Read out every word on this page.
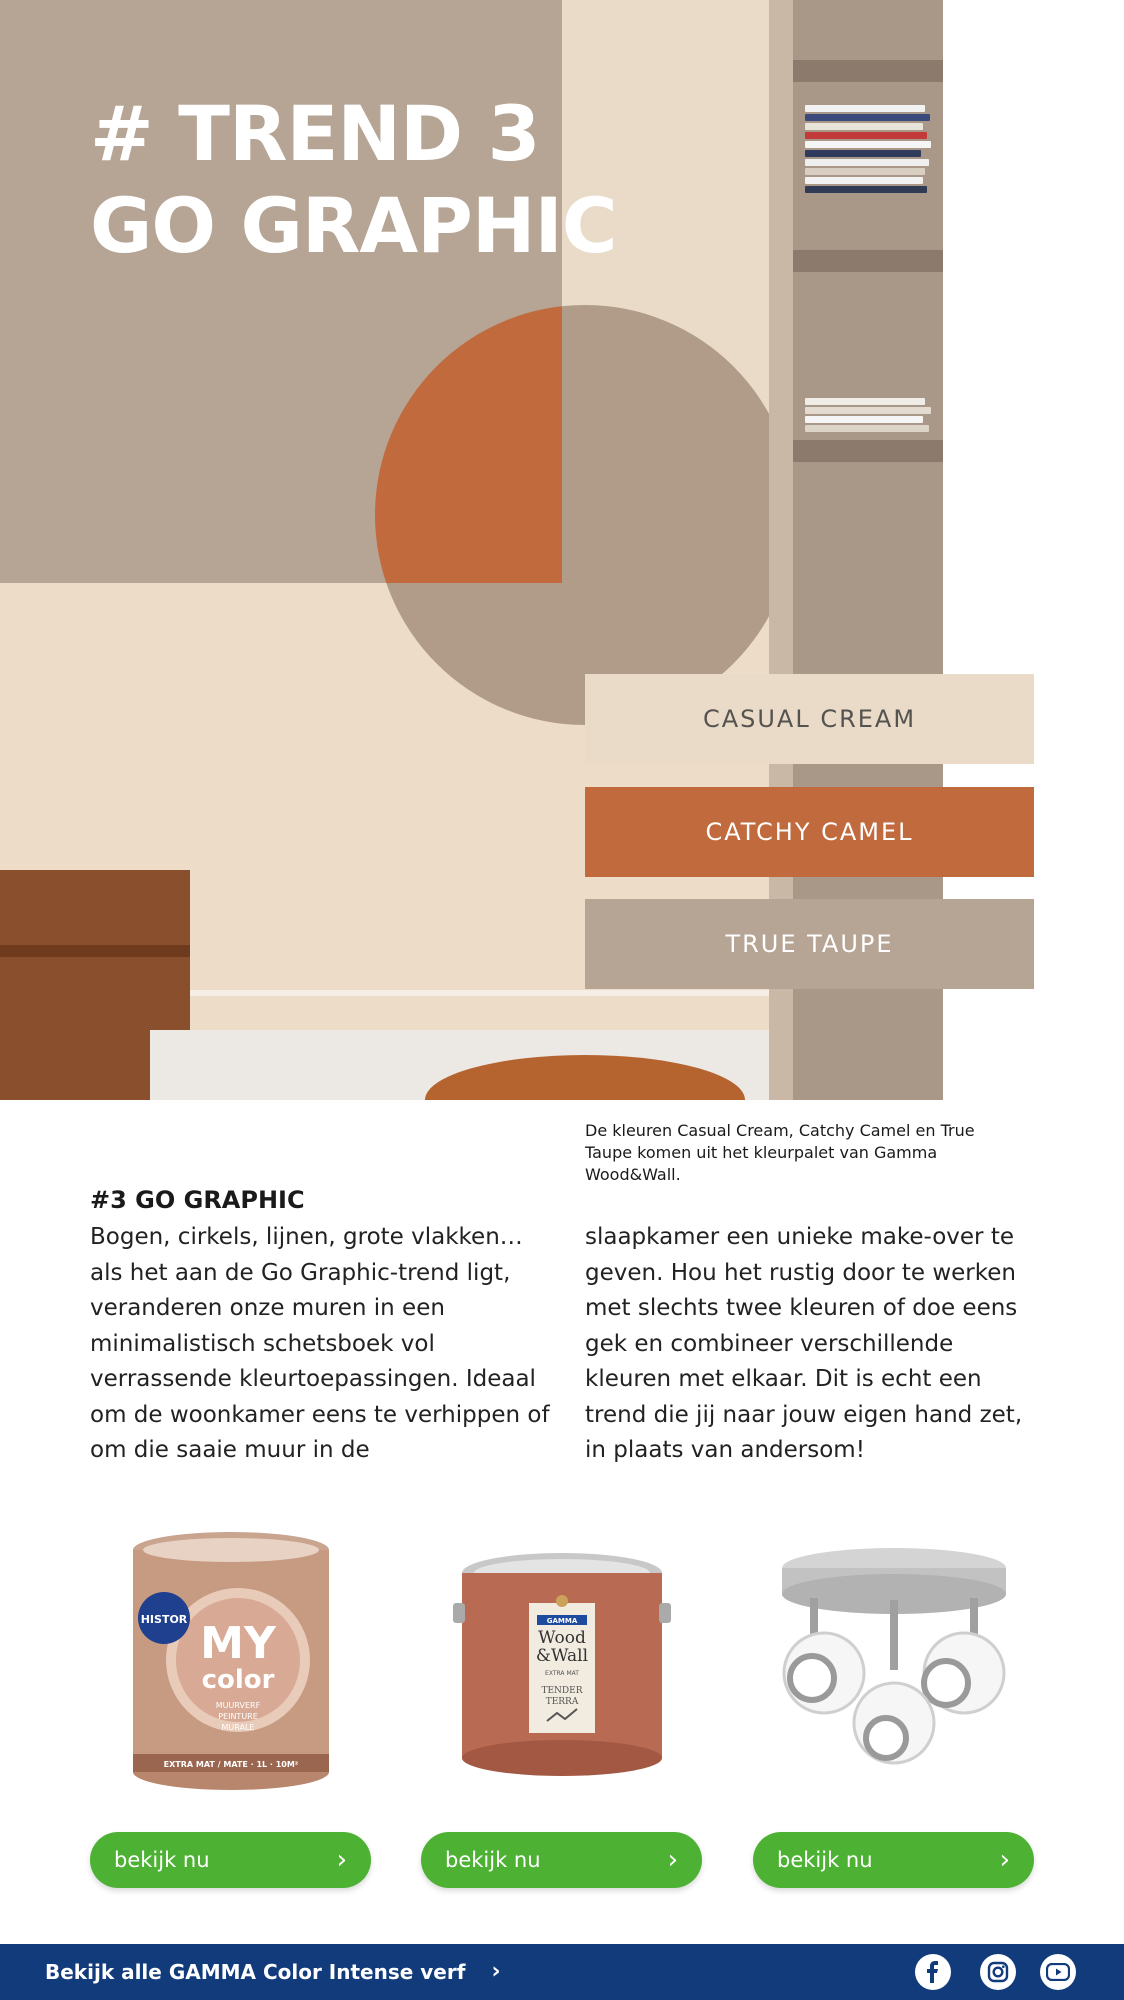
# TREND 3
GO GRAPHIC
CASUAL CREAM
CATCHY CAMEL
TRUE TAUPE
De kleuren Casual Cream, Catchy Camel en True Taupe komen uit het kleurpalet van Gamma Wood&Wall.
#3 GO GRAPHIC
Bogen, cirkels, lijnen, grote vlakken… als het aan de Go Graphic-trend ligt, veranderen onze muren in een minimalistisch schetsboek vol verrassende kleurtoepassingen. Ideaal om de woonkamer eens te verhippen of om die saaie muur in de
slaapkamer een unieke make-over te geven. Hou het rustig door te werken met slechts twee kleuren of doe eens gek en combineer verschillende kleuren met elkaar. Dit is echt een trend die jij naar jouw eigen hand zet, in plaats van andersom!
HISTOR MY
color
MUURVERF
PEINTURE
MURALE
EXTRA MAT / MATE · 1L · 10M²
bekijk nu	›
GAMMA
Wood
&Wall
EXTRA MAT
TENDER
TERRA
bekijk nu	›	bekijk nu	›
Bekijk alle GAMMA Color Intense verf ›
